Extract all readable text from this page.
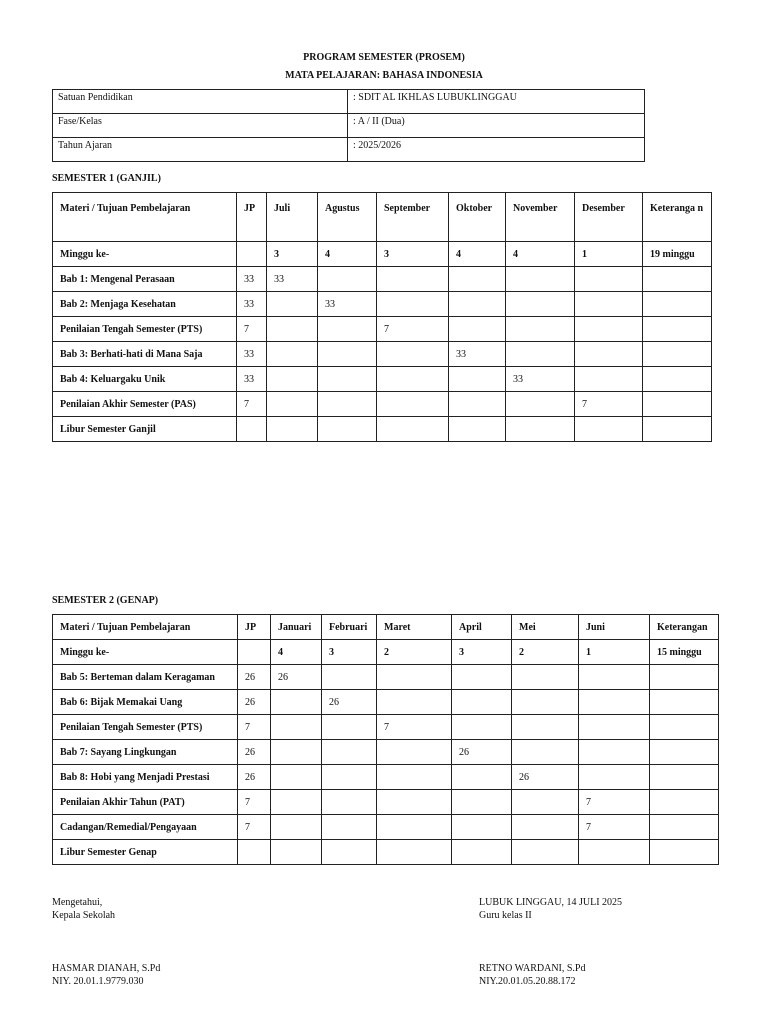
PROGRAM SEMESTER (PROSEM)
MATA PELAJARAN: BAHASA INDONESIA
Satuan Pendidikan	: SDIT AL IKHLAS LUBUKLINGGAU
Fase/Kelas	: A / II (Dua)
Tahun Ajaran	: 2025/2026
SEMESTER 1 (GANJIL)
Materi / Tujuan Pembelajaran	JP	Juli	Agustus	September	Oktober	November	Desember	Keteranga n
Minggu ke-		3	4	3	4	4	1	19 minggu
Bab 1: Mengenal Perasaan	33	33						
Bab 2: Menjaga Kesehatan	33		33					
Penilaian Tengah Semester (PTS)	7			7				
Bab 3: Berhati-hati di Mana Saja	33				33			
Bab 4: Keluargaku Unik	33					33		
Penilaian Akhir Semester (PAS)	7						7	
Libur Semester Ganjil								
SEMESTER 2 (GENAP)
Materi / Tujuan Pembelajaran	JP	Januari	Februari	Maret	April	Mei	Juni	Keterangan
Minggu ke-		4	3	2	3	2	1	15 minggu
Bab 5: Berteman dalam Keragaman	26	26						
Bab 6: Bijak Memakai Uang	26		26					
Penilaian Tengah Semester (PTS)	7			7				
Bab 7: Sayang Lingkungan	26				26			
Bab 8: Hobi yang Menjadi Prestasi	26					26		
Penilaian Akhir Tahun (PAT)	7						7	
Cadangan/Remedial/Pengayaan	7						7	
Libur Semester Genap								
Mengetahui,
Kepala Sekolah
HASMAR DIANAH, S.Pd
NIY. 20.01.1.9779.030
LUBUK LINGGAU, 14 JULI 2025
Guru kelas II
RETNO WARDANI, S.Pd
NIY.20.01.05.20.88.172
